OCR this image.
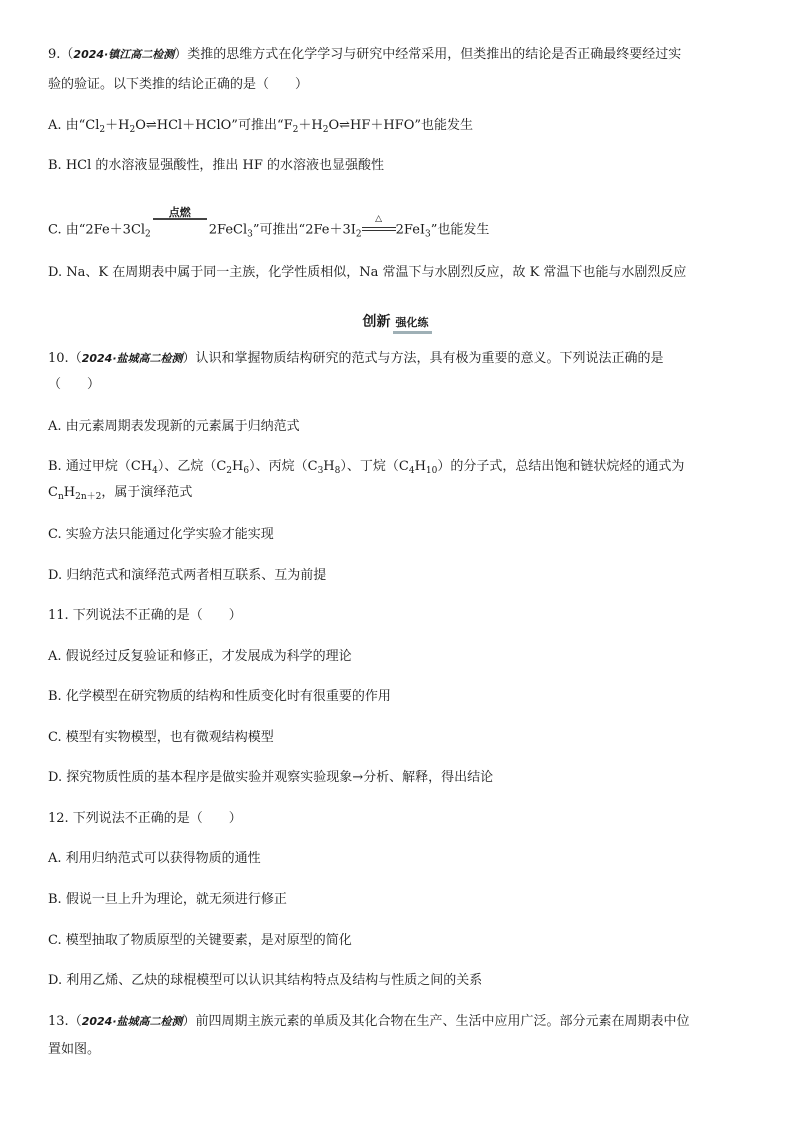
9.（2024·镇江高二检测）类推的思维方式在化学学习与研究中经常采用，但类推出的结论是否正确最终要经过实
验的验证。以下类推的结论正确的是（　　）
A. 由“$Cl_2+H_2O\rightleftharpoons HCl+HClO$”可推出“$F_2+H_2O\rightleftharpoons HF+HFO$”也能发生
B. HCl 的水溶液显强酸性，推出 HF 的水溶液也显强酸性
C. 由“$2Fe+3Cl_2$
点燃
2FeCl$_3$”可推出“$2Fe+3I_2$
△
2FeI$_3$”也能发生
D. Na、K 在周期表中属于同一主族，化学性质相似，Na 常温下与水剧烈反应，故 K 常温下也能与水剧烈反应
创新 强化练
10.（2024·盐城高二检测）认识和掌握物质结构研究的范式与方法，具有极为重要的意义。下列说法正确的是
（　　）
A. 由元素周期表发现新的元素属于归纳范式
B. 通过甲烷$(CH_4)$、乙烷$(C_2H_6)$、丙烷$(C_3H_8)$、丁烷$(C_4H_{10})$的分子式，总结出饱和链状烷烃的通式为
$C_nH_{2n+2}$，属于演绎范式
C. 实验方法只能通过化学实验才能实现
D. 归纳范式和演绎范式两者相互联系、互为前提
11. 下列说法不正确的是（　　）
A. 假说经过反复验证和修正，才发展成为科学的理论
B. 化学模型在研究物质的结构和性质变化时有很重要的作用
C. 模型有实物模型，也有微观结构模型
D. 探究物质性质的基本程序是做实验并观察实验现象→分析、解释，得出结论
12. 下列说法不正确的是（　　）
A. 利用归纳范式可以获得物质的通性
B. 假说一旦上升为理论，就无须进行修正
C. 模型抽取了物质原型的关键要素，是对原型的简化
D. 利用乙烯、乙炔的球棍模型可以认识其结构特点及结构与性质之间的关系
13.（2024·盐城高二检测）前四周期主族元素的单质及其化合物在生产、生活中应用广泛。部分元素在周期表中位
置如图。
